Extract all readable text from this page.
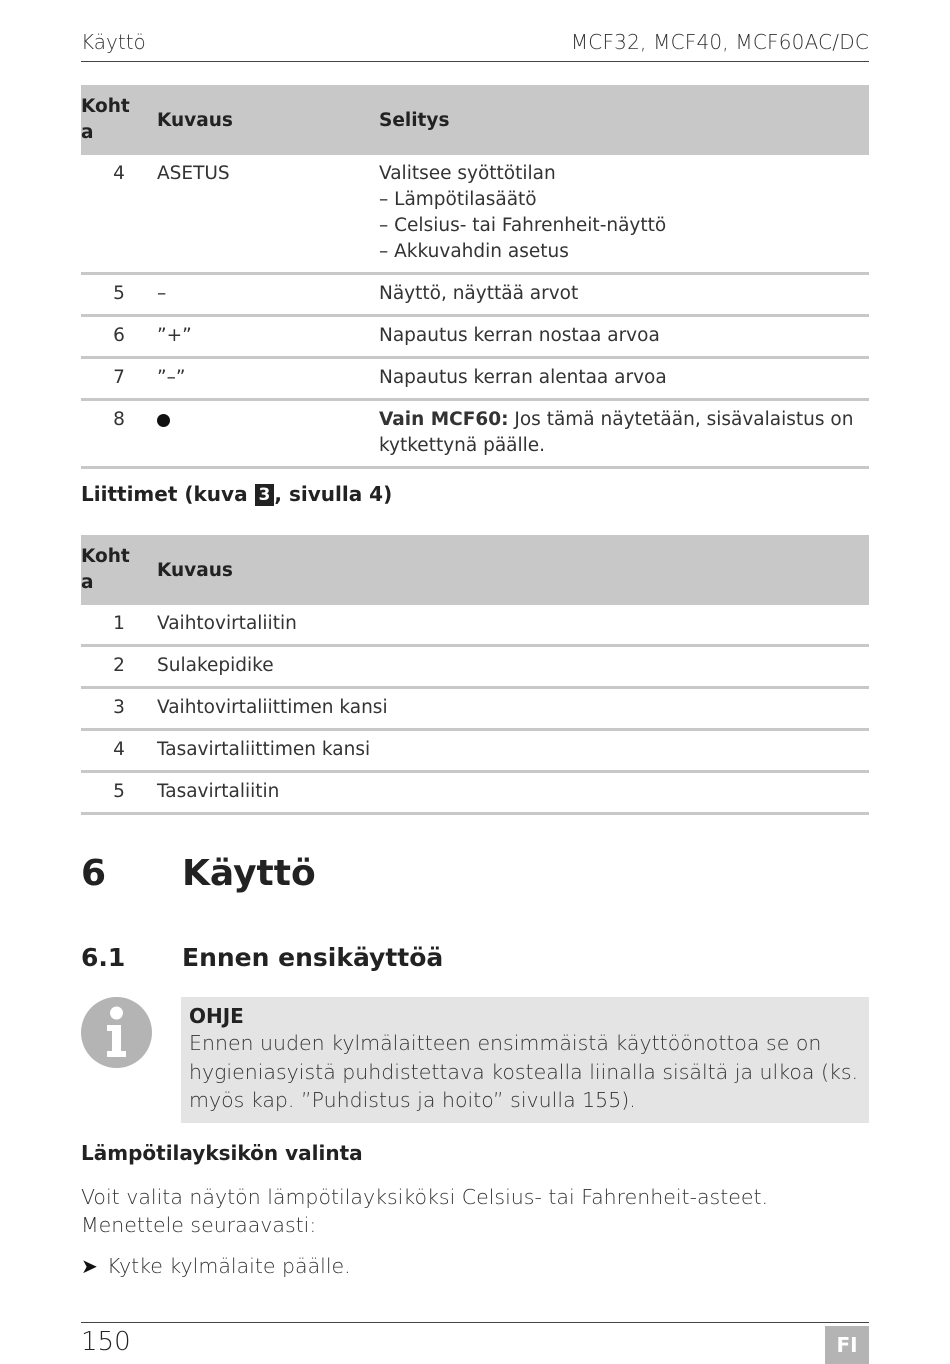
Käyttö	MCF32, MCF40, MCF60AC/DC
Koht
a	Kuvaus	Selitys

4	ASETUS	Valitsee syöttötilan
– Lämpötilasäätö
– Celsius- tai Fahrenheit-näyttö
– Akkuvahdin asetus

5	–	Näyttö, näyttää arvot

6	”+”	Napautus kerran nostaa arvoa

7	”–”	Napautus kerran alentaa arvoa

8		Vain MCF60: Jos tämä näytetään, sisävalaistus on kytkettynä päälle.
Liittimet (kuva 3 , sivulla 4)
Koht
a	Kuvaus

1	Vaihtovirtaliitin

2	Sulakepidike

3	Vaihtovirtaliittimen kansi

4	Tasavirtaliittimen kansi

5	Tasavirtaliitin
6 Käyttö
6.1 Ennen ensikäyttöä
OHJE
Ennen uuden kylmälaitteen ensimmäistä käyttöönottoa se on hygieniasyistä puhdistettava kostealla liinalla sisältä ja ulkoa (ks. myös kap. ”Puhdistus ja hoito” sivulla 155).
Lämpötilayksikön valinta
Voit valita näytön lämpötilayksiköksi Celsius- tai Fahrenheit-asteet. Menettele seuraavasti:
➤ Kytke kylmälaite päälle.
150	FI
